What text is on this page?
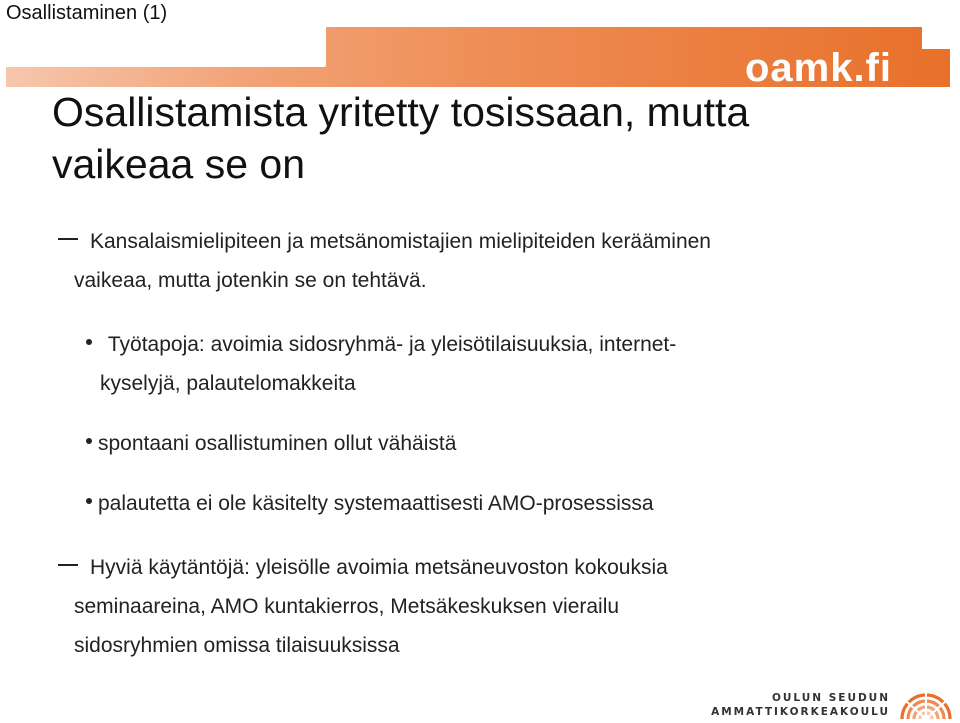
Osallistaminen (1)
oamk.fi
Osallistamista yritetty tosissaan, mutta
vaikeaa se on
Kansalaismielipiteen ja metsänomistajien mielipiteiden kerääminen
vaikeaa, mutta jotenkin se on tehtävä.
Työtapoja: avoimia sidosryhmä- ja yleisötilaisuuksia, internet-
kyselyjä, palautelomakkeita
spontaani osallistuminen ollut vähäistä
palautetta ei ole käsitelty systemaattisesti AMO-prosessissa
Hyviä käytäntöjä: yleisölle avoimia metsäneuvoston kokouksia
seminaareina, AMO kuntakierros, Metsäkeskuksen vierailu
sidosryhmien omissa tilaisuuksissa
OULUN SEUDUN
AMMATTIKORKEAKOULU
